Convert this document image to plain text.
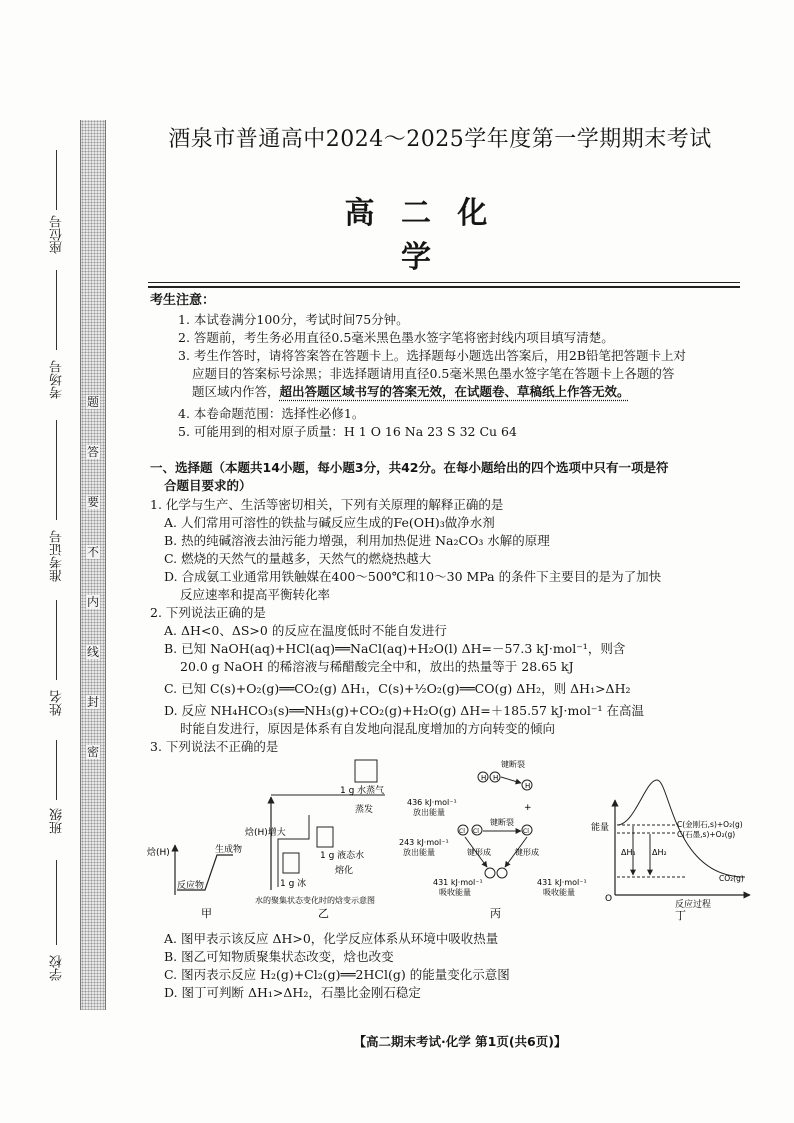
题
答
要
不
内
线
封
密
座位号
考场号
准考证号
姓名
班级
学校
酒泉市普通高中2024～2025学年度第一学期期末考试
高 二 化 学
考生注意：
1. 本试卷满分100分，考试时间75分钟。
2. 答题前，考生务必用直径0.5毫米黑色墨水签字笔将密封线内项目填写清楚。
3. 考生作答时，请将答案答在答题卡上。选择题每小题选出答案后，用2B铅笔把答题卡上对
应题目的答案标号涂黑；非选择题请用直径0.5毫米黑色墨水签字笔在答题卡上各题的答
题区域内作答，超出答题区域书写的答案无效，在试题卷、草稿纸上作答无效。
4. 本卷命题范围：选择性必修1。
5. 可能用到的相对原子质量：H 1 O 16 Na 23 S 32 Cu 64
一、选择题（本题共14小题，每小题3分，共42分。在每小题给出的四个选项中只有一项是符
合题目要求的）
1. 化学与生产、生活等密切相关，下列有关原理的解释正确的是
A. 人们常用可溶性的铁盐与碱反应生成的Fe(OH)₃做净水剂
B. 热的纯碱溶液去油污能力增强，利用加热促进 Na₂CO₃ 水解的原理
C. 燃烧的天然气的量越多，天然气的燃烧热越大
D. 合成氨工业通常用铁触媒在400～500℃和10～30 MPa 的条件下主要目的是为了加快
反应速率和提高平衡转化率
2. 下列说法正确的是
A. ΔH<0、ΔS>0 的反应在温度低时不能自发进行
B. 已知 NaOH(aq)+HCl(aq)══NaCl(aq)+H₂O(l) ΔH=－57.3 kJ·mol⁻¹，则含
20.0 g NaOH 的稀溶液与稀醋酸完全中和，放出的热量等于 28.65 kJ
C. 已知 C(s)+O₂(g)══CO₂(g) ΔH₁，C(s)+½O₂(g)══CO(g) ΔH₂，则 ΔH₁>ΔH₂
D. 反应 NH₄HCO₃(s)══NH₃(g)+CO₂(g)+H₂O(g) ΔH=＋185.57 kJ·mol⁻¹ 在高温
时能自发进行，原因是体系有自发地向混乱度增加的方向转变的倾向
3. 下列说法不正确的是
焓(H)	生成物
反应物
甲
焓(H)增大
1 g 水蒸气
蒸发
1 g 液态水
熔化
1 g 冰
水的聚集状态变化时的焓变示意图
乙
H H
H
Cl Cl	Cl
+
键断裂
键断裂
键形成	键形成
436 kJ·mol⁻¹
放出能量
243 kJ·mol⁻¹
放出能量
431 kJ·mol⁻¹
吸收能量
431 kJ·mol⁻¹
吸收能量
丙
能量	C(金刚石,s)+O₂(g)
C(石墨,s)+O₂(g)
CO₂(g)
ΔH₁ ΔH₂
O
反应过程
丁
A. 图甲表示该反应 ΔH>0，化学反应体系从环境中吸收热量
B. 图乙可知物质聚集状态改变，焓也改变
C. 图丙表示反应 H₂(g)+Cl₂(g)══2HCl(g) 的能量变化示意图
D. 图丁可判断 ΔH₁>ΔH₂，石墨比金刚石稳定
【高二期末考试·化学 第1页(共6页)】
